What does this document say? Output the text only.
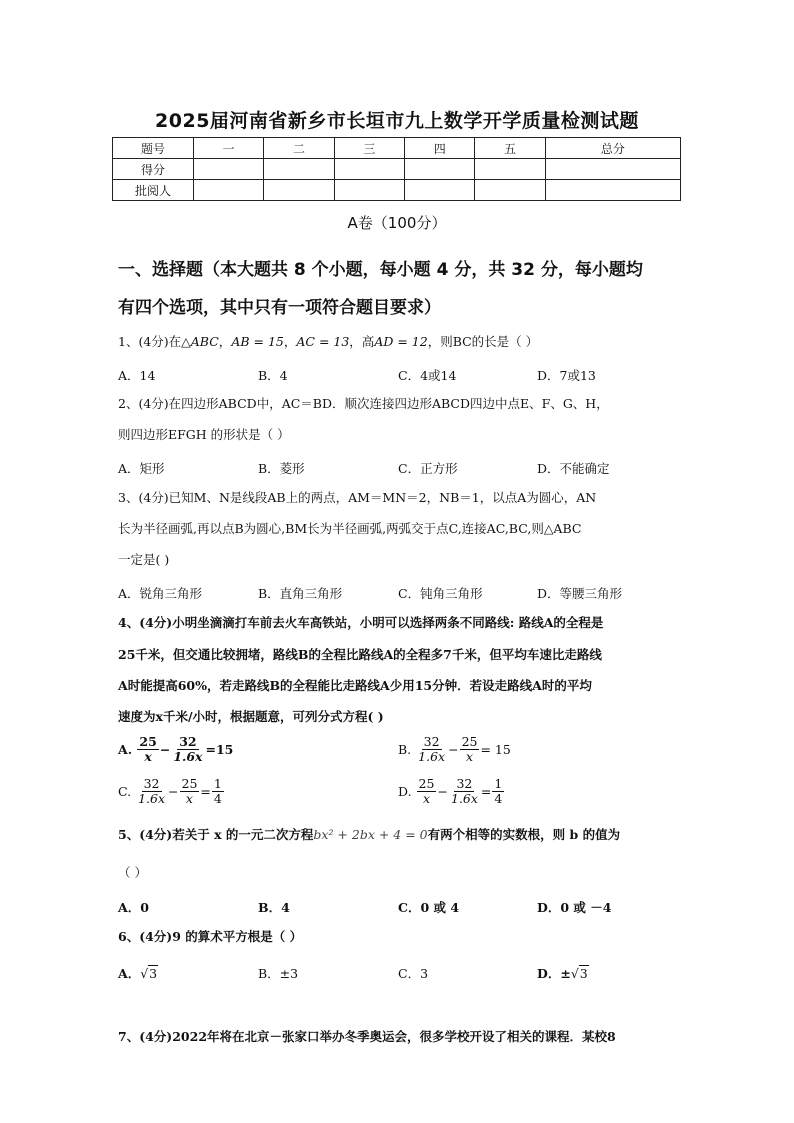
2025届河南省新乡市长垣市九上数学开学质量检测试题
题号	一	二	三	四	五	总分
得分						
批阅人						
A卷（100分）
一、选择题（本大题共 8 个小题，每小题 4 分，共 32 分，每小题均
有四个选项，其中只有一项符合题目要求）
1、(4分)在△ABC，AB = 15，AC = 13，高AD = 12，则BC的长是（ ）
A．14	B．4	C．4或14	D．7或13
2、(4分)在四边形ABCD中，AC＝BD．顺次连接四边形ABCD四边中点E、F、G、H，
则四边形EFGH 的形状是（ ）
A．矩形	B．菱形	C．正方形	D．不能确定
3、(4分)已知M、N是线段AB上的两点，AM＝MN＝2，NB＝1，以点A为圆心，AN
长为半径画弧,再以点B为圆心,BM长为半径画弧,两弧交于点C,连接AC,BC,则△ABC
一定是( )
A．锐角三角形	B．直角三角形	C．钝角三角形	D．等腰三角形
4、(4分)小明坐滴滴打车前去火车高铁站，小明可以选择两条不同路线: 路线A的全程是
25千米，但交通比较拥堵，路线B的全程比路线A的全程多7千米，但平均车速比走路线
A时能提高60%，若走路线B的全程能比走路线A少用15分钟．若设走路线A时的平均
速度为x千米/小时，根据题意，可列分式方程( )
A.
$\frac{25}{x} - \frac{32}{1.6x} =15$	B.
$\frac{32}{1.6x} - \frac{25}{x} = 15$
C.
$\frac{32}{1.6x} - \frac{25}{x} = \frac{1}{4}$	D.
$\frac{25}{x} - \frac{32}{1.6x} = \frac{1}{4}$
5、(4分)若关于 x 的一元二次方程bx² + 2bx + 4 = 0有两个相等的实数根，则 b 的值为
（ ）
A．0	B．4	C．0 或 4	D．0 或 －4
6、(4分)9 的算术平方根是（ ）
A．√3	B．±3	C．3	D．±√3
7、(4分)2022年将在北京－张家口举办冬季奥运会，很多学校开设了相关的课程．某校8
